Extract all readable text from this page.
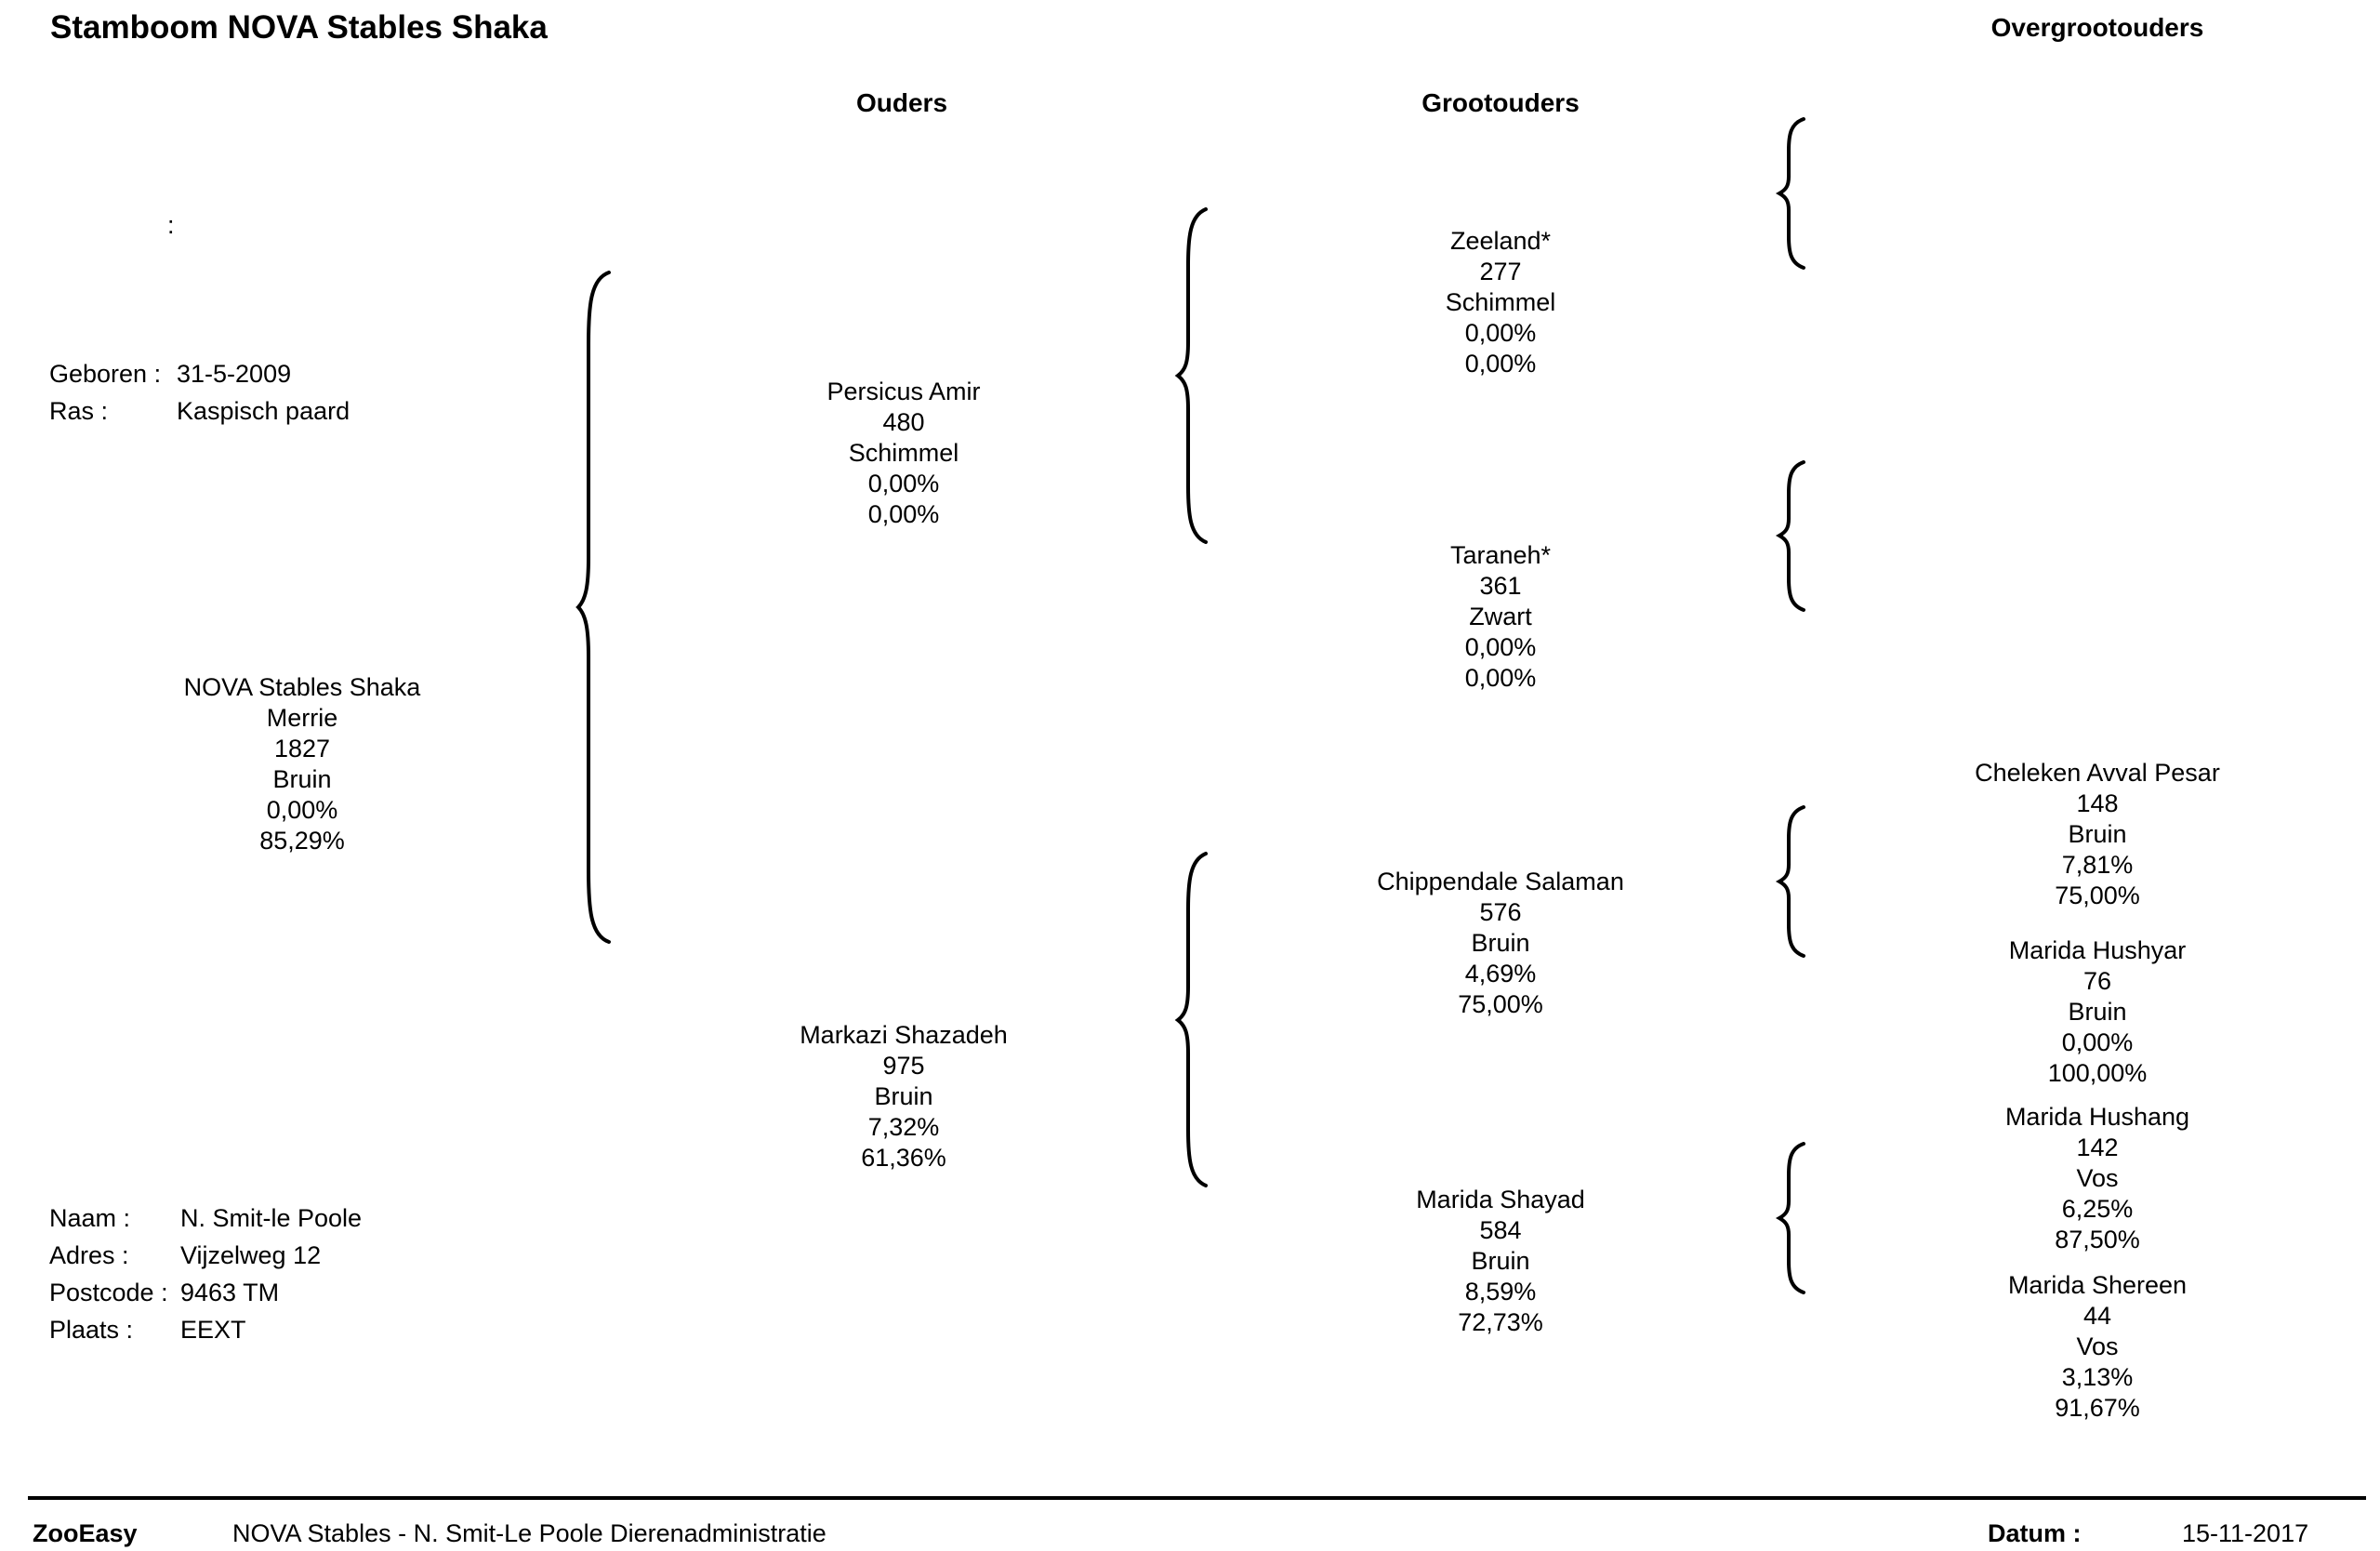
Stamboom NOVA Stables Shaka
Ouders	Grootouders
Overgrootouders
:
Geboren : 31-5-2009
Ras :	Kaspisch paard
NOVA Stables Shaka
Merrie
1827
Bruin
0,00%
85,29%
Persicus Amir
480
Schimmel
0,00%
0,00%
Markazi Shazadeh
975
Bruin
7,32%
61,36%
Zeeland*
277
Schimmel
0,00%
0,00%
Taraneh*
361
Zwart
0,00%
0,00%
Chippendale Salaman
576
Bruin
4,69%
75,00%
Marida Shayad
584
Bruin
8,59%
72,73%
Cheleken Avval Pesar
148
Bruin
7,81%
75,00%
Marida Hushyar
76
Bruin
0,00%
100,00%
Marida Hushang
142
Vos
6,25%
87,50%
Marida Shereen
44
Vos
3,13%
91,67%
Naam : N. Smit-le Poole
Adres : Vijzelweg 12
Postcode : 9463 TM
Plaats : EEXT
ZooEasy	NOVA Stables - N. Smit-Le Poole Dierenadministratie	Datum :	15-11-2017
